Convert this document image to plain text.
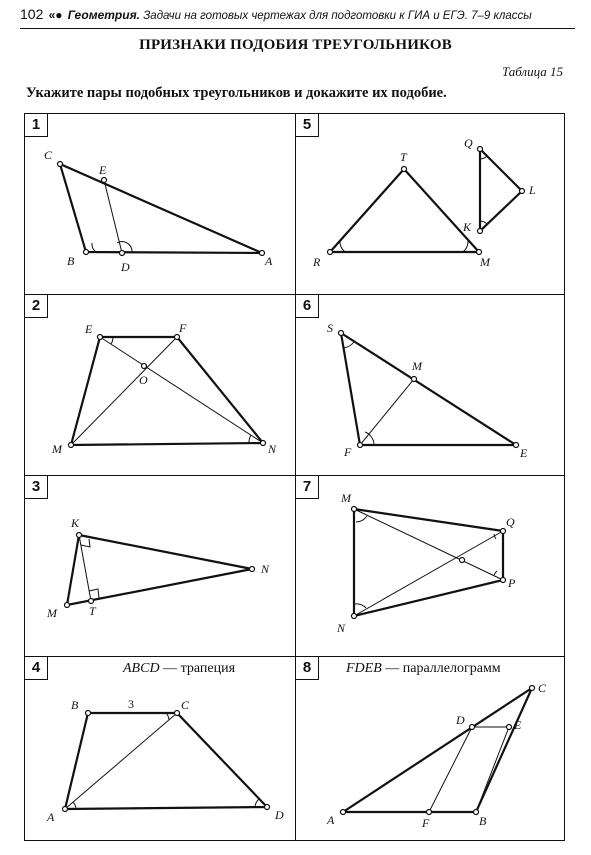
102 «● Геометрия. Задачи на готовых чертежах для подготовки к ГИА и ЕГЭ. 7–9 классы
ПРИЗНАКИ ПОДОБИЯ ТРЕУГОЛЬНИКОВ
Таблица 15
Укажите пары подобных треугольников и докажите их подобие.
1
C
E
B	D	A
5
T
Q
L
K
R	M
2
E	F
O
M	N
6
S
M
F	E
3
K
N
M	T
7
M
Q
P
N
4	ABCD — трапеция
3
B	C
A	D
8	FDEB — параллелограмм
C
D	E
A	F	B
